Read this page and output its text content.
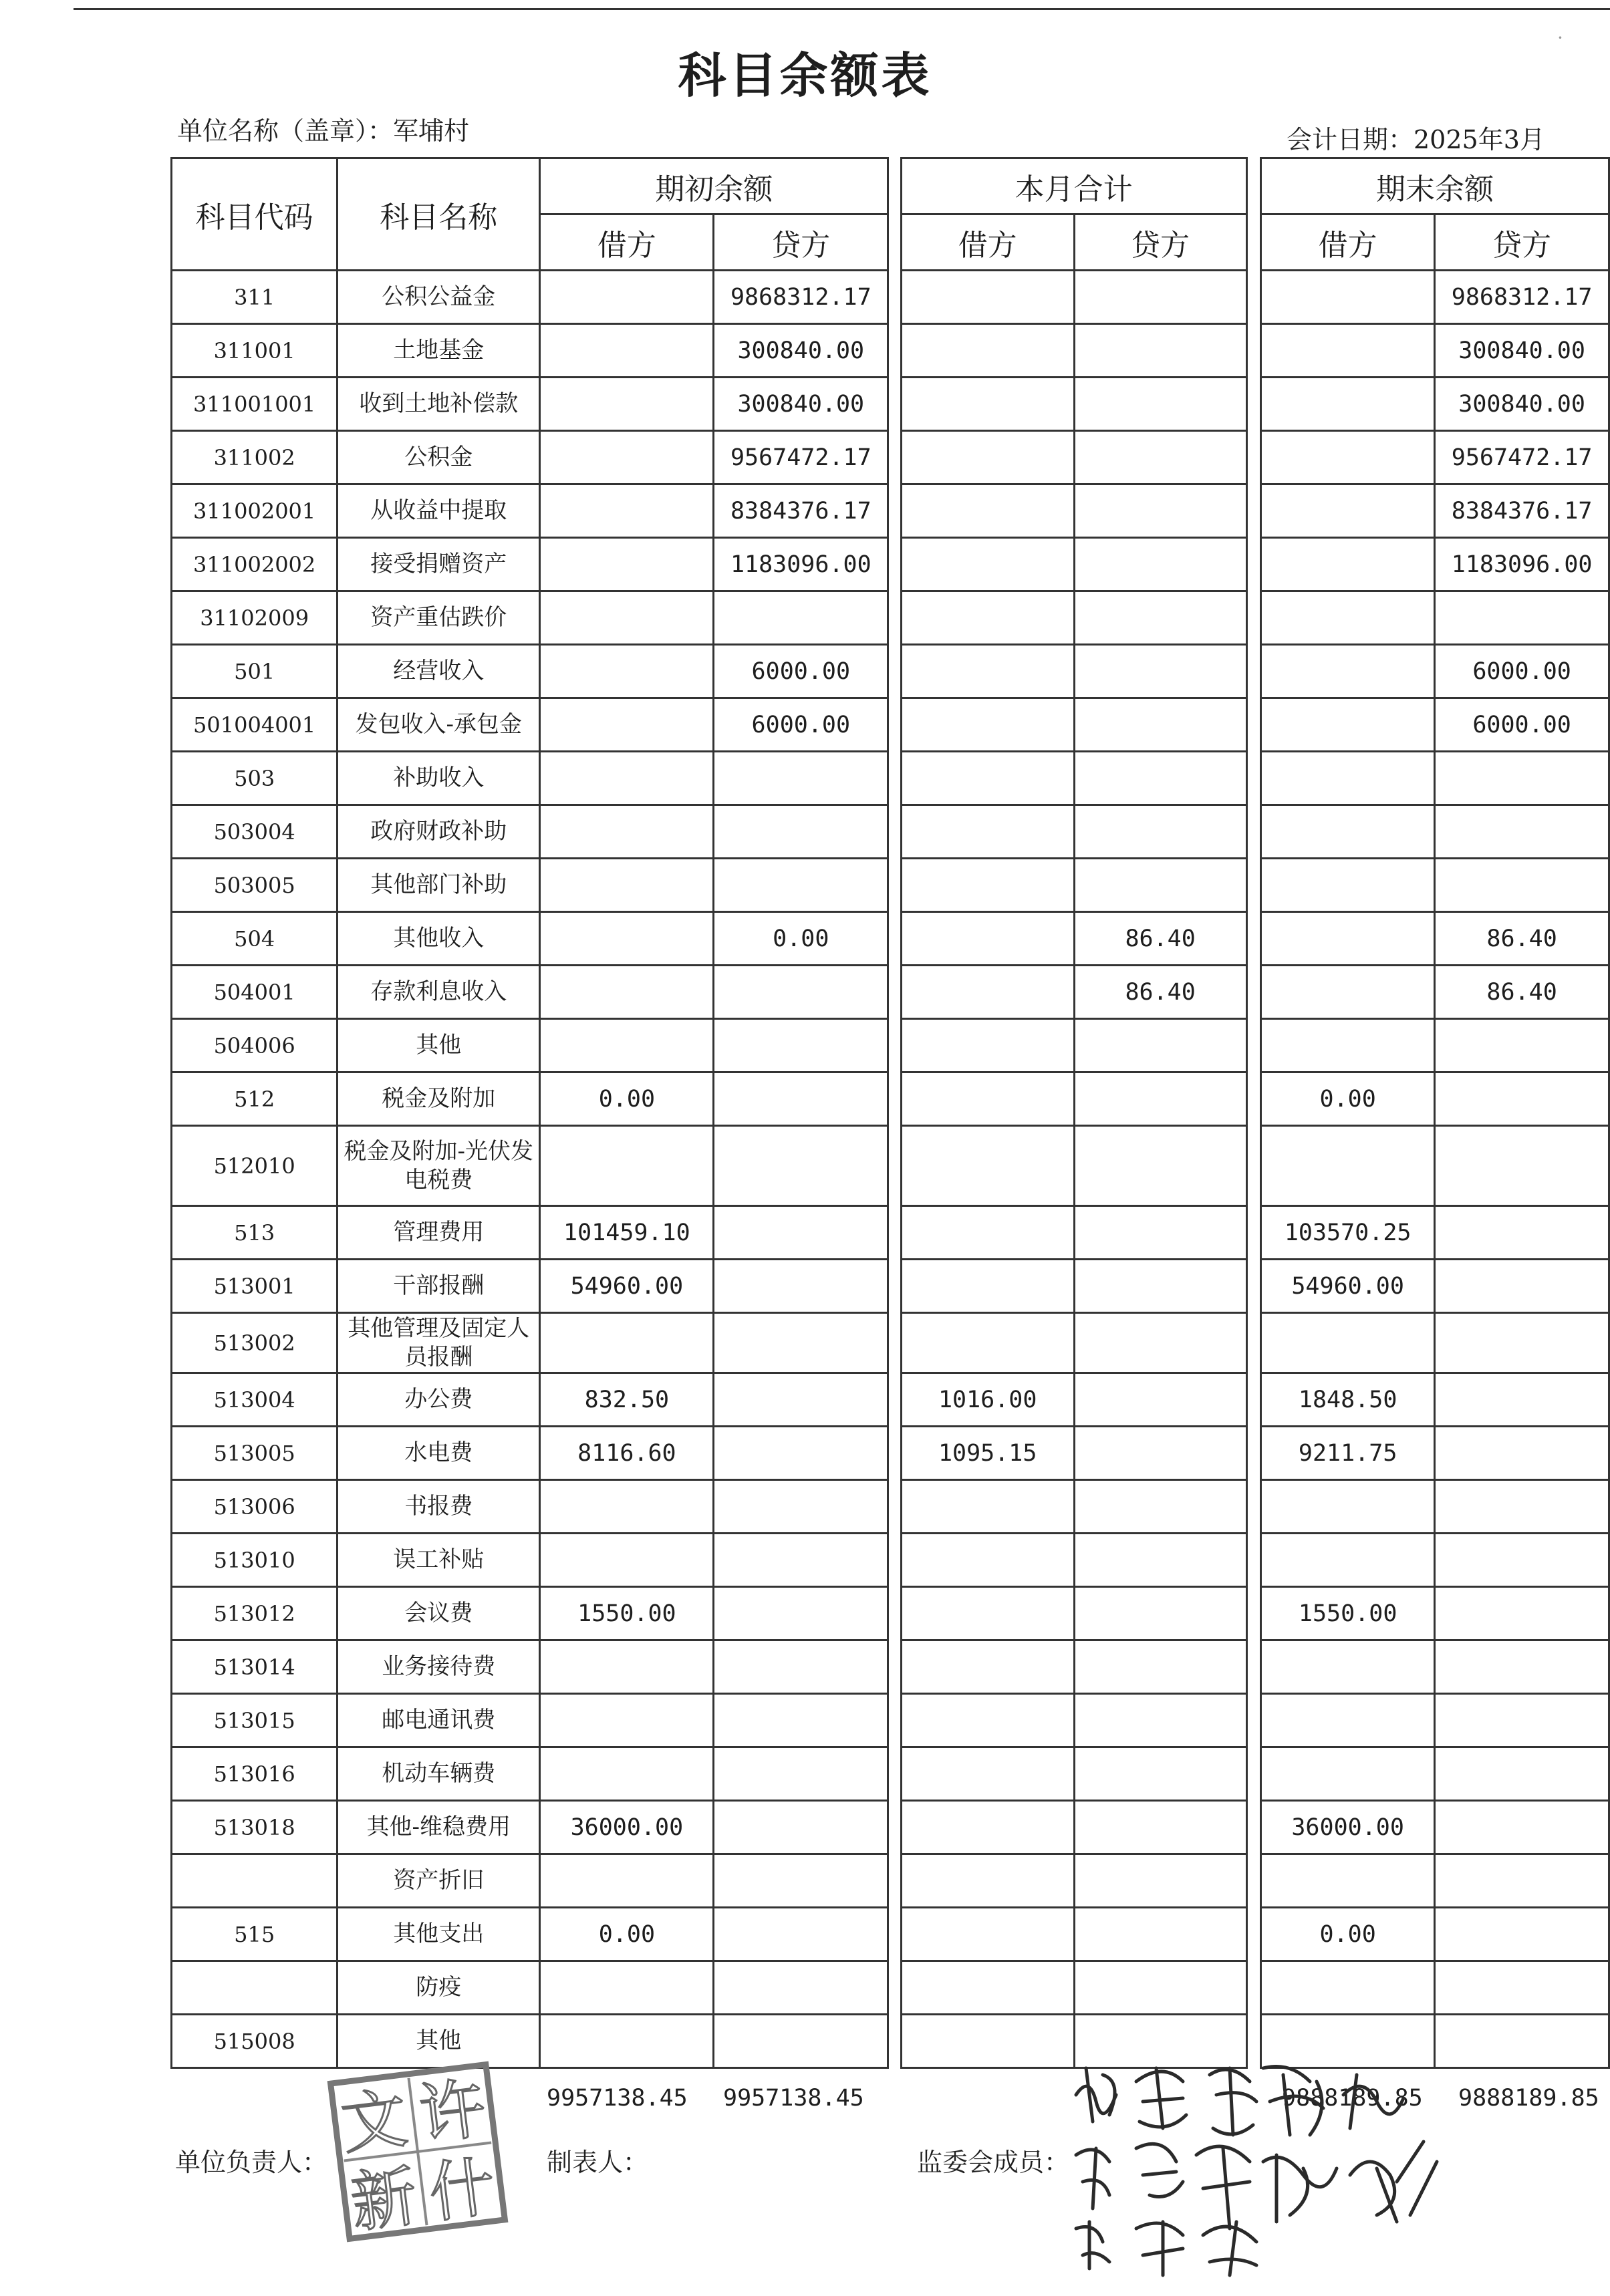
科目余额表
单位名称（盖章）：军埔村	会计日期：2025年3月
科目代码	科目名称	期初余额			本月合计			期末余额	
		借方	贷方		借方	贷方		借方	贷方
311	公积公益金		9868312.17						9868312.17
311001	土地基金		300840.00						300840.00
311001001	收到土地补偿款		300840.00						300840.00
311002	公积金		9567472.17						9567472.17
311002001	从收益中提取		8384376.17						8384376.17
311002002	接受捐赠资产		1183096.00						1183096.00
31102009	资产重估跌价								
501	经营收入		6000.00						6000.00
501004001	发包收入-承包金		6000.00						6000.00
503	补助收入								
503004	政府财政补助								
503005	其他部门补助								
504	其他收入		0.00			86.40			86.40
504001	存款利息收入					86.40			86.40
504006	其他								
512	税金及附加	0.00						0.00	
512010	税金及附加-光伏发电税费								
513	管理费用	101459.10						103570.25	
513001	干部报酬	54960.00						54960.00	
513002	其他管理及固定人员报酬								
513004	办公费	832.50			1016.00			1848.50	
513005	水电费	8116.60			1095.15			9211.75	
513006	书报费								
513010	误工补贴								
513012	会议费	1550.00						1550.00	
513014	业务接待费								
513015	邮电通讯费								
513016	机动车辆费								
513018	其他-维稳费用	36000.00						36000.00	
	资产折旧								
515	其他支出	0.00						0.00	
	防疫								
515008	其他								
9957138.45 9957138.45	9888189.85 9888189.85
单位负责人：	制表人：	监委会成员：
文 许
新 什
·
